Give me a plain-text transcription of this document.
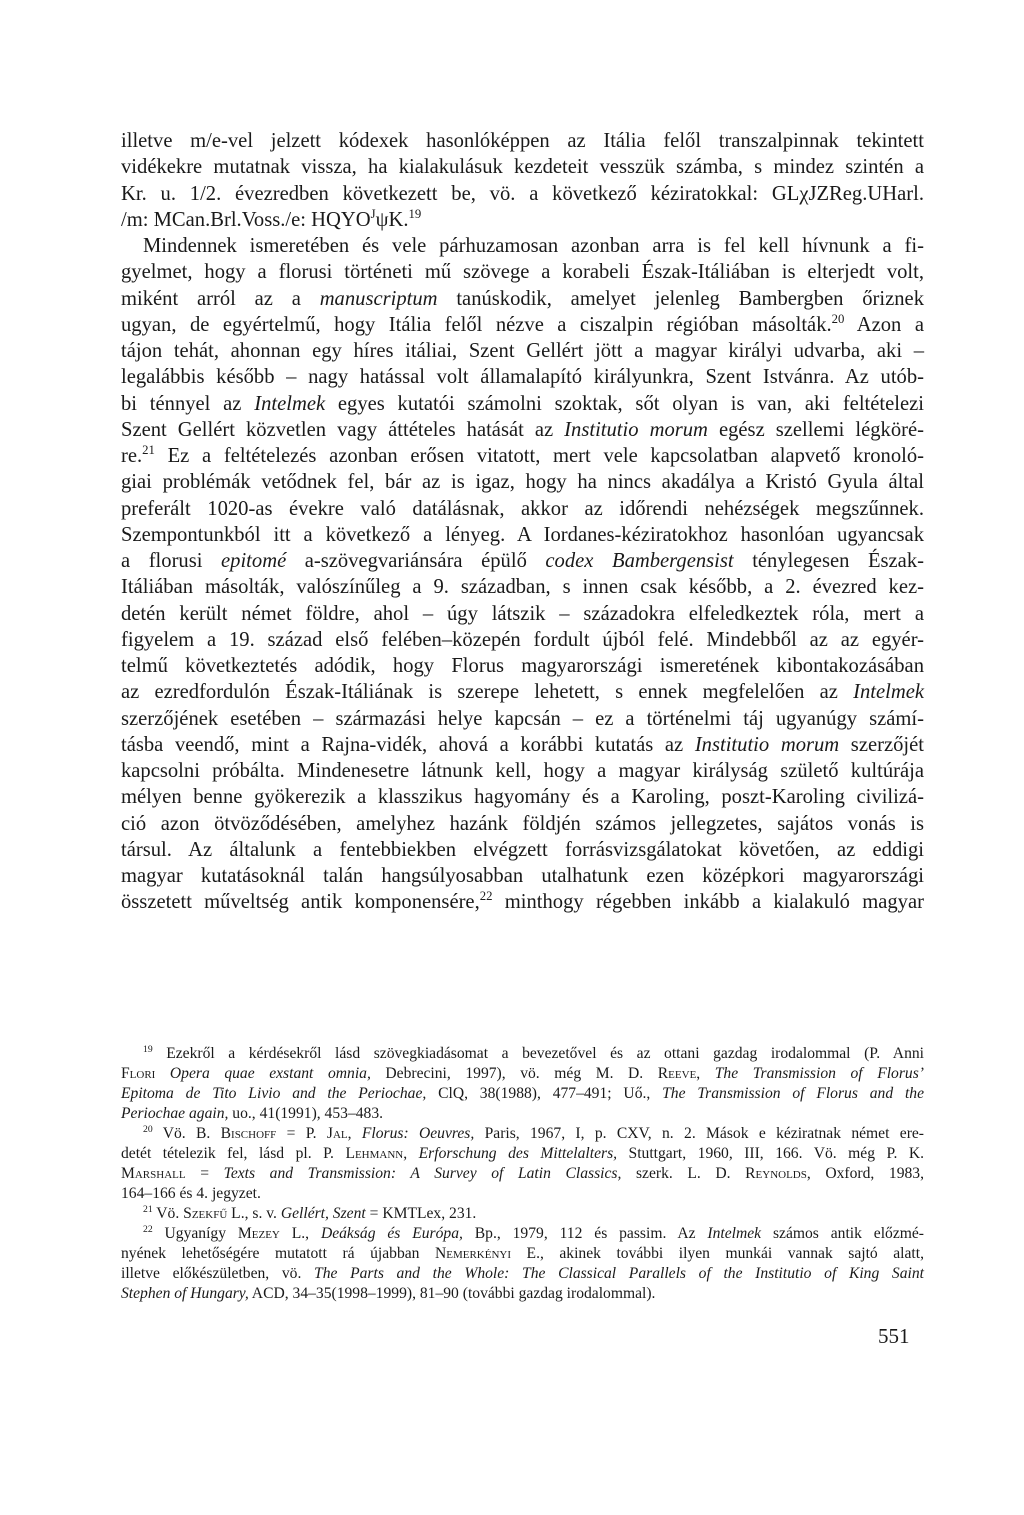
illetve m/e-vel jelzett kódexek hasonlóképpen az Itália felől transzalpinnak tekintett
vidékekre mutatnak vissza, ha kialakulásuk kezdeteit vesszük számba, s mindez szintén a
Kr. u. 1/2. évezredben következett be, vö. a következő kéziratokkal: GLχJZReg.UHarl.
/m: MCan.Brl.Voss./e: $HQYO^J\psi K.^{19}$
Mindennek ismeretében és vele párhuzamosan azonban arra is fel kell hívnunk a fi-
gyelmet, hogy a florusi történeti mű szövege a korabeli Észak-Itáliában is elterjedt volt,
miként arról az a manuscriptum tanúskodik, amelyet jelenleg Bambergben őriznek
ugyan, de egyértelmű, hogy Itália felől nézve a ciszalpin régióban másolták.$^{20}$ Azon a
tájon tehát, ahonnan egy híres itáliai, Szent Gellért jött a magyar királyi udvarba, aki –
legalábbis később – nagy hatással volt államalapító királyunkra, Szent Istvánra. Az utób-
bi ténnyel az Intelmek egyes kutatói számolni szoktak, sőt olyan is van, aki feltételezi
Szent Gellért közvetlen vagy áttételes hatását az Institutio morum egész szellemi légköré-
re.$^{21}$ Ez a feltételezés azonban erősen vitatott, mert vele kapcsolatban alapvető kronoló-
giai problémák vetődnek fel, bár az is igaz, hogy ha nincs akadálya a Kristó Gyula által
preferált 1020-as évekre való datálásnak, akkor az időrendi nehézségek megszűnnek.
Szempontunkból itt a következő a lényeg. A Iordanes-kéziratokhoz hasonlóan ugyancsak
a florusi epitomé a-szövegvariánsára épülő codex Bambergensist ténylegesen Észak-
Itáliában másolták, valószínűleg a 9. században, s innen csak később, a 2. évezred kez-
detén került német földre, ahol – úgy látszik – századokra elfeledkeztek róla, mert a
figyelem a 19. század első felében–közepén fordult újból felé. Mindebből az az egyér-
telmű következtetés adódik, hogy Florus magyarországi ismeretének kibontakozásában
az ezredfordulón Észak-Itáliának is szerepe lehetett, s ennek megfelelően az Intelmek
szerzőjének esetében – származási helye kapcsán – ez a történelmi táj ugyanúgy számí-
tásba veendő, mint a Rajna-vidék, ahová a korábbi kutatás az Institutio morum szerzőjét
kapcsolni próbálta. Mindenesetre látnunk kell, hogy a magyar királyság születő kultúrája
mélyen benne gyökerezik a klasszikus hagyomány és a Karoling, poszt-Karoling civilizá-
ció azon ötvöződésében, amelyhez hazánk földjén számos jellegzetes, sajátos vonás is
társul. Az általunk a fentebbiekben elvégzett forrásvizsgálatokat követően, az eddigi
magyar kutatásoknál talán hangsúlyosabban utalhatunk ezen középkori magyarországi
összetett műveltség antik komponensére,$^{22}$ minthogy régebben inkább a kialakuló magyar
$^{19}$ Ezekről a kérdésekről lásd szövegkiadásomat a bevezetővel és az ottani gazdag irodalommal (P. Anni
Flori Opera quae exstant omnia, Debrecini, 1997), vö. még M. D. Reeve, The Transmission of Florus’
Epitoma de Tito Livio and the Periochae, ClQ, 38(1988), 477–491; Uő., The Transmission of Florus and the
Periochae again, uo., 41(1991), 453–483.
$^{20}$ Vö. B. Bischoff = P. Jal, Florus: Oeuvres, Paris, 1967, I, p. CXV, n. 2. Mások e kéziratnak német ere-
detét tételezik fel, lásd pl. P. Lehmann, Erforschung des Mittelalters, Stuttgart, 1960, III, 166. Vö. még P. K.
Marshall = Texts and Transmission: A Survey of Latin Classics, szerk. L. D. Reynolds, Oxford, 1983,
164–166 és 4. jegyzet.
$^{21}$ Vö. Szekfű L., s. v. Gellért, Szent = KMTLex, 231.
$^{22}$ Ugyanígy Mezey L., Deákság és Európa, Bp., 1979, 112 és passim. Az Intelmek számos antik előzmé-
nyének lehetőségére mutatott rá újabban Nemerkényi E., akinek további ilyen munkái vannak sajtó alatt,
illetve előkészületben, vö. The Parts and the Whole: The Classical Parallels of the Institutio of King Saint
Stephen of Hungary, ACD, 34–35(1998–1999), 81–90 (további gazdag irodalommal).
551
